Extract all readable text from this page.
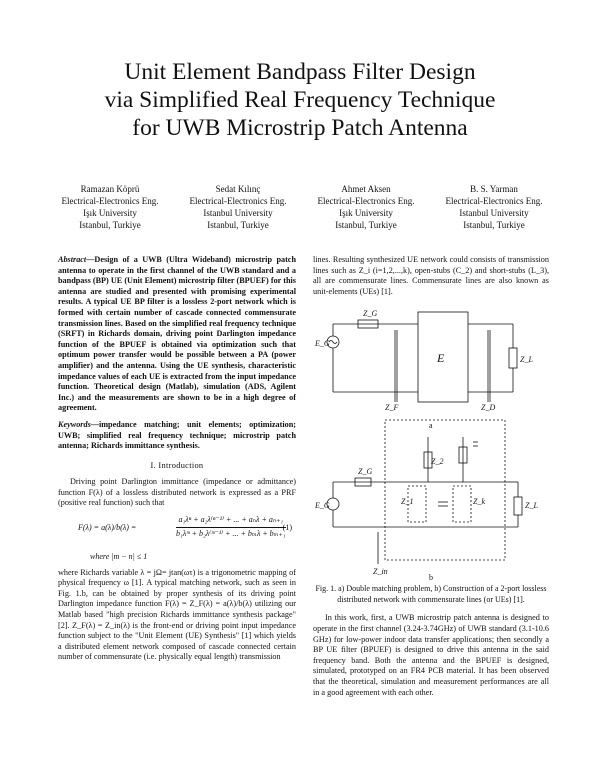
Unit Element Bandpass Filter Design
via Simplified Real Frequency Technique
for UWB Microstrip Patch Antenna
Ramazan Köprü
Electrical-Electronics Eng.
Işık University
Istanbul, Turkiye
Sedat Kılınç
Electrical-Electronics Eng.
Istanbul University
Istanbul, Turkiye
Ahmet Aksen
Electrical-Electronics Eng.
Işık University
Istanbul, Turkiye
B. S. Yarman
Electrical-Electronics Eng.
Istanbul University
Istanbul, Turkiye

Abstract—Design of a UWB (Ultra Wideband) microstrip patch antenna to operate in the first channel of the UWB standard and a bandpass (BP) UE (Unit Element) microstrip filter (BPUEF) for this antenna are studied and presented with promising experimental results. A typical UE BP filter is a lossless 2-port network which is formed with certain number of cascade connected commensurate transmission lines. Based on the simplified real frequency technique (SRFT) in Richards domain, driving point Darlington impedance function of the BPUEF is obtained via optimization such that optimum power transfer would be possible between a PA (power amplifier) and the antenna. Using the UE synthesis, characteristic impedance values of each UE is extracted from the input impedance function. Theoretical design (Matlab), simulation (ADS, Agilent Inc.) and the measurements are shown to be in a high degree of agreement.

Keywords—impedance matching; unit elements; optimization; UWB; simplified real frequency technique; microstrip patch antenna; Richards immittance synthesis.

I. Introduction

Driving point Darlington immittance (impedance or admittance) function F(λ) of a lossless distributed network is expressed as a PRF (positive real function) such that

F(λ) = a(λ)/b(λ) =
a₁λⁿ + a₂λ⁽ⁿ⁻¹⁾ + ... + aₙλ + aₙ₊₁
b₁λᵐ + b₂λ⁽ᵐ⁻¹⁾ + ... + bₘλ + bₘ₊₁
(1)
where |m − n| ≤ 1

where Richards variable λ = jΩ= jtan(ωτ) is a trigonometric mapping of physical frequency ω [1]. A typical matching network, such as seen in Fig. 1.b, can be obtained by proper synthesis of its driving point Darlington impedance function F(λ) = Z_F(λ) = a(λ)/b(λ) utilizing our Matlab based "high precision Richards immittance synthesis package" [2]. Z_F(λ) = Z_in(λ) is the front-end or driving point input impedance function subject to the "Unit Element (UE) Synthesis" [1] which yields a distributed element network composed of cascade connected certain number of commensurate (i.e. physically equal length) transmission

lines. Resulting synthesized UE network could consists of transmission lines such as Z_i (i=1,2,...,k), open-stubs (C_2) and short-stubs (L_3), all are commensurate lines. Commensurate lines are also known as unit-elements (UEs) [1].

Z_G
E_G
E	Z_L
Z_F	Z_D
a
Z_G
E_G	Z_1
Z_2
Z_k	Z_L
Z_in
b
Fig. 1. a) Double matching problem, b) Construction of a 2-port lossless distributed network with commensurate lines (or UEs) [1].

In this work, first, a UWB microstrip patch antenna is designed to operate in the first channel (3.24-3.74GHz) of UWB standard (3.1-10.6 GHz) for low-power indoor data transfer applications; then secondly a BP UE filter (BPUEF) is designed to drive this antenna in the said frequency band. Both the antenna and the BPUEF is designed, simulated, prototyped on an FR4 PCB material. It has been observed that the theoretical, simulation and measurement performances are all in a good agreement with each other.
